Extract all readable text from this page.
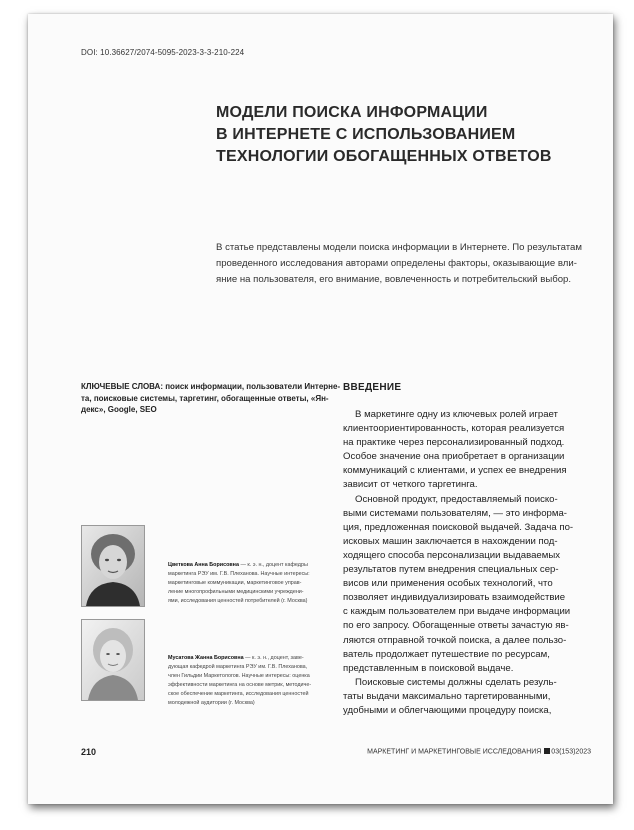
DOI: 10.36627/2074-5095-2023-3-3-210-224
МОДЕЛИ ПОИСКА ИНФОРМАЦИИ
В ИНТЕРНЕТЕ С ИСПОЛЬЗОВАНИЕМ
ТЕХНОЛОГИИ ОБОГАЩЕННЫХ ОТВЕТОВ
В статье представлены модели поиска информации в Интернете. По результатам
проведенного исследования авторами определены факторы, оказывающие вли-
яние на пользователя, его внимание, вовлеченность и потребительский выбор.
КЛЮЧЕВЫЕ СЛОВА: поиск информации, пользователи Интерне-
та, поисковые системы, таргетинг, обогащенные ответы, «Ян-
декс», Google, SEO
Цветкова Анна Борисовна — к. э. н., доцент кафедры
маркетинга РЭУ им. Г.В. Плеханова. Научные интересы:
маркетинговые коммуникации, маркетинговое управ-
ление многопрофильными медицинскими учреждени-
ями, исследования ценностей потребителей (г. Москва)
Мусатова Жанна Борисовна — к. э. н., доцент, заве-
дующая кафедрой маркетинга РЭУ им. Г.В. Плеханова,
член Гильдии Маркетологов. Научные интересы: оценка
эффективности маркетинга на основе метрик, методиче-
ское обеспечение маркетинга, исследования ценностей
молодежной аудитории (г. Москва)
ВВЕДЕНИЕ
В маркетинге одну из ключевых ролей играет
клиентоориентированность, которая реализуется
на практике через персонализированный подход.
Особое значение она приобретает в организации
коммуникаций с клиентами, и успех ее внедрения
зависит от четкого таргетинга.
Основной продукт, предоставляемый поиско-
выми системами пользователям, — это информа-
ция, предложенная поисковой выдачей. Задача по-
исковых машин заключается в нахождении под-
ходящего способа персонализации выдаваемых
результатов путем внедрения специальных сер-
висов или применения особых технологий, что
позволяет индивидуализировать взаимодействие
с каждым пользователем при выдаче информации
по его запросу. Обогащенные ответы зачастую яв-
ляются отправной точкой поиска, а далее пользо-
ватель продолжает путешествие по ресурсам,
представленным в поисковой выдаче.
Поисковые системы должны сделать резуль-
таты выдачи максимально таргетированными,
удобными и облегчающими процедуру поиска,
210	МАРКЕТИНГ И МАРКЕТИНГОВЫЕ ИССЛЕДОВАНИЯ 03(153)2023
